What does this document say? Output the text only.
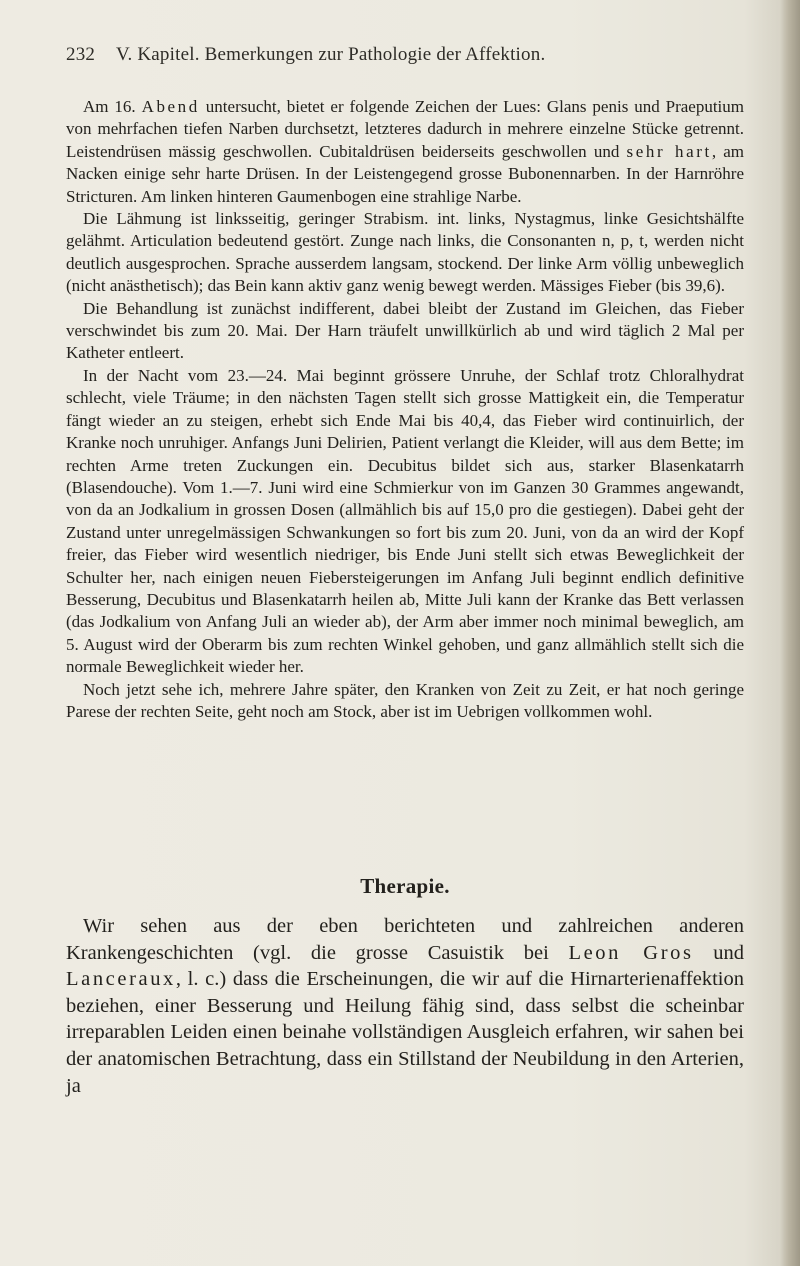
232 V. Kapitel. Bemerkungen zur Pathologie der Affektion.

Am 16. Abend untersucht, bietet er folgende Zeichen der Lues: Glans penis und Praeputium von mehrfachen tiefen Narben durchsetzt, letzteres dadurch in mehrere einzelne Stücke getrennt. Leistendrüsen mässig geschwollen. Cubitaldrüsen beiderseits geschwollen und sehr hart, am Nacken einige sehr harte Drüsen. In der Leistengegend grosse Bubonennarben. In der Harnröhre Stricturen. Am linken hinteren Gaumenbogen eine strahlige Narbe.

Die Lähmung ist linksseitig, geringer Strabism. int. links, Nystagmus, linke Gesichtshälfte gelähmt. Articulation bedeutend gestört. Zunge nach links, die Consonanten n, p, t, werden nicht deutlich ausgesprochen. Sprache ausserdem langsam, stockend. Der linke Arm völlig unbeweglich (nicht anästhetisch); das Bein kann aktiv ganz wenig bewegt werden. Mässiges Fieber (bis 39,6).

Die Behandlung ist zunächst indifferent, dabei bleibt der Zustand im Gleichen, das Fieber verschwindet bis zum 20. Mai. Der Harn träufelt unwillkürlich ab und wird täglich 2 Mal per Katheter entleert.

In der Nacht vom 23.—24. Mai beginnt grössere Unruhe, der Schlaf trotz Chloralhydrat schlecht, viele Träume; in den nächsten Tagen stellt sich grosse Mattigkeit ein, die Temperatur fängt wieder an zu steigen, erhebt sich Ende Mai bis 40,4, das Fieber wird continuirlich, der Kranke noch unruhiger. Anfangs Juni Delirien, Patient verlangt die Kleider, will aus dem Bette; im rechten Arme treten Zuckungen ein. Decubitus bildet sich aus, starker Blasenkatarrh (Blasendouche). Vom 1.—7. Juni wird eine Schmierkur von im Ganzen 30 Grammes angewandt, von da an Jodkalium in grossen Dosen (allmählich bis auf 15,0 pro die gestiegen). Dabei geht der Zustand unter unregelmässigen Schwankungen so fort bis zum 20. Juni, von da an wird der Kopf freier, das Fieber wird wesentlich niedriger, bis Ende Juni stellt sich etwas Beweglichkeit der Schulter her, nach einigen neuen Fiebersteigerungen im Anfang Juli beginnt endlich definitive Besserung, Decubitus und Blasenkatarrh heilen ab, Mitte Juli kann der Kranke das Bett verlassen (das Jodkalium von Anfang Juli an wieder ab), der Arm aber immer noch minimal beweglich, am 5. August wird der Oberarm bis zum rechten Winkel gehoben, und ganz allmählich stellt sich die normale Beweglichkeit wieder her.

Noch jetzt sehe ich, mehrere Jahre später, den Kranken von Zeit zu Zeit, er hat noch geringe Parese der rechten Seite, geht noch am Stock, aber ist im Uebrigen vollkommen wohl.

Therapie.

Wir sehen aus der eben berichteten und zahlreichen anderen Krankengeschichten (vgl. die grosse Casuistik bei Leon Gros und Lanceraux, l. c.) dass die Erscheinungen, die wir auf die Hirnarterienaffektion beziehen, einer Besserung und Heilung fähig sind, dass selbst die scheinbar irreparablen Leiden einen beinahe vollständigen Ausgleich erfahren, wir sahen bei der anatomischen Betrachtung, dass ein Stillstand der Neubildung in den Arterien, ja
